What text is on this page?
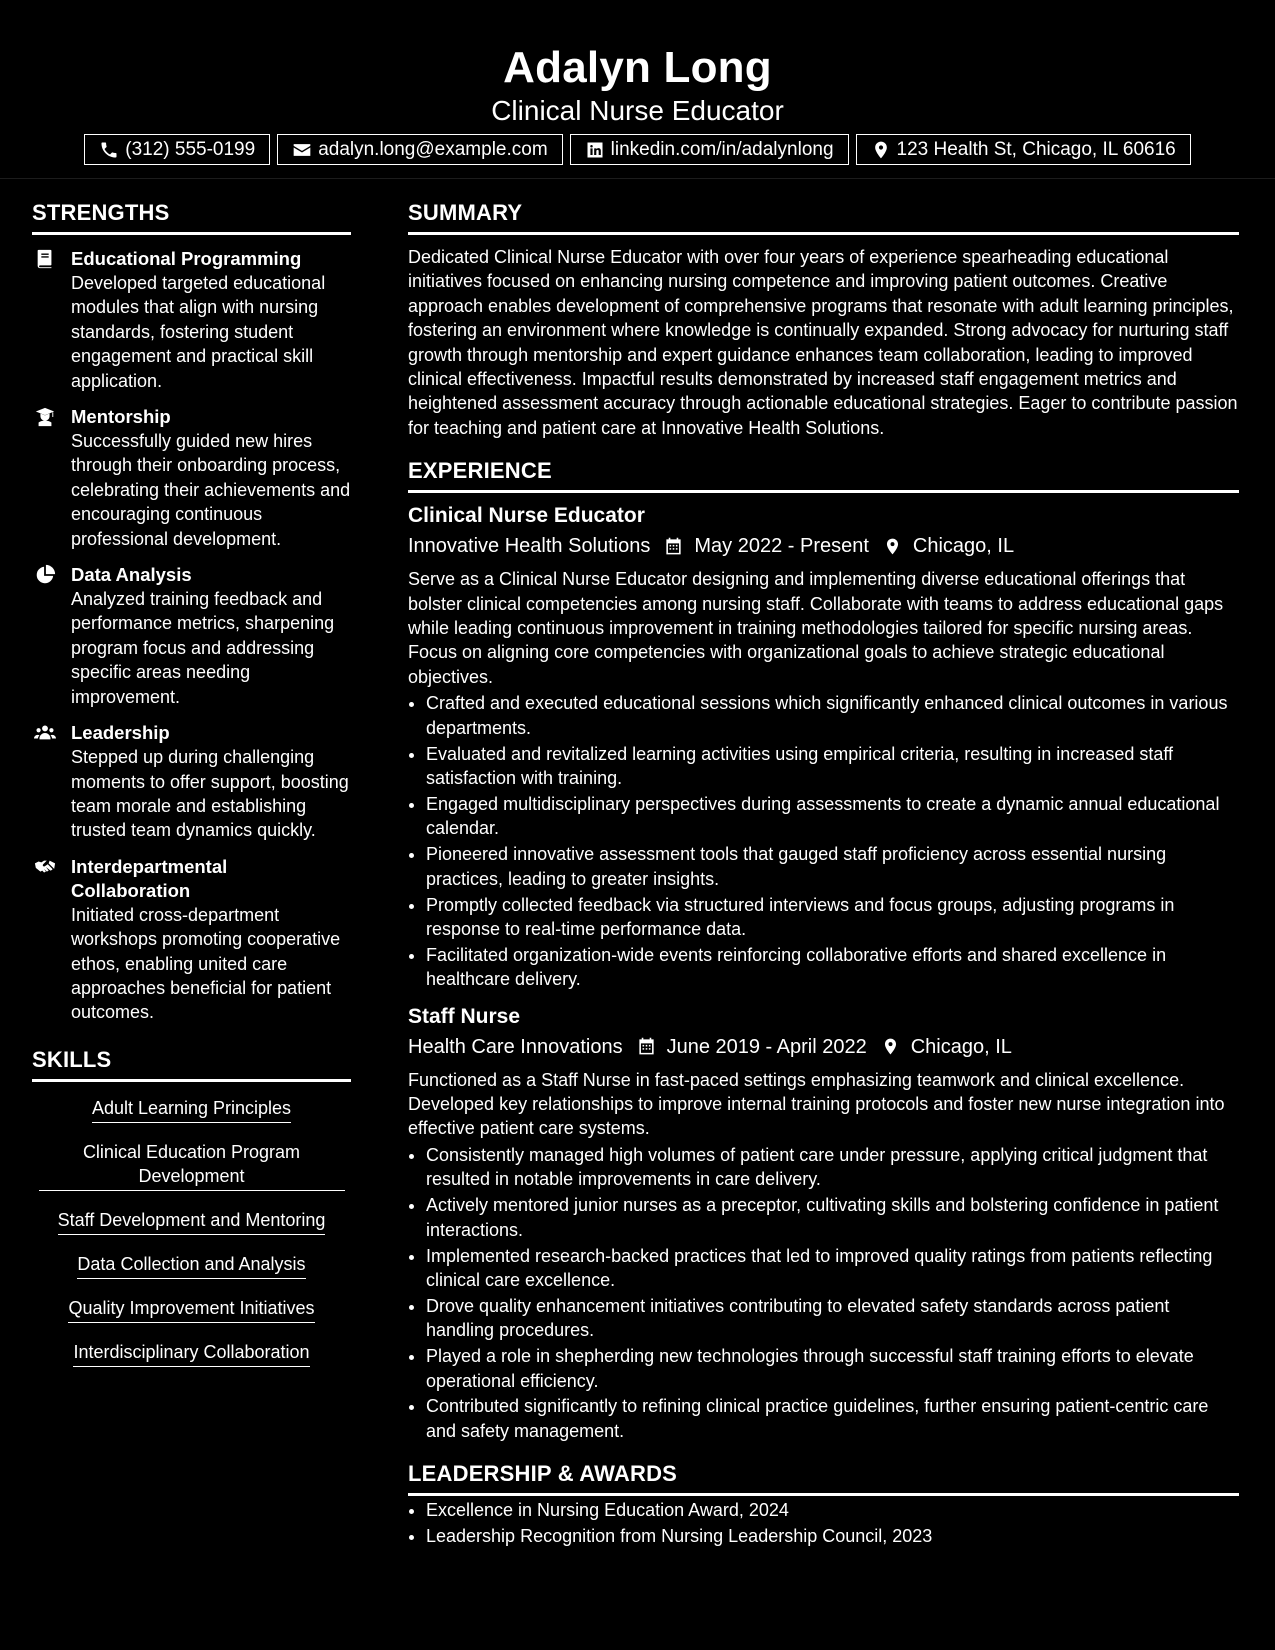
Adalyn Long
Clinical Nurse Educator
(312) 555-0199	adalyn.long@example.com	linkedin.com/in/adalynlong	123 Health St, Chicago, IL 60616
STRENGTHS
Educational Programming
Developed targeted educational modules that align with nursing standards, fostering student engagement and practical skill application.
Mentorship
Successfully guided new hires through their onboarding process, celebrating their achievements and encouraging continuous professional development.
Data Analysis
Analyzed training feedback and performance metrics, sharpening program focus and addressing specific areas needing improvement.
Leadership
Stepped up during challenging moments to offer support, boosting team morale and establishing trusted team dynamics quickly.
Interdepartmental Collaboration
Initiated cross-department workshops promoting cooperative ethos, enabling united care approaches beneficial for patient outcomes.
SKILLS
Adult Learning Principles
Clinical Education Program Development
Staff Development and Mentoring
Data Collection and Analysis
Quality Improvement Initiatives
Interdisciplinary Collaboration
SUMMARY
Dedicated Clinical Nurse Educator with over four years of experience spearheading educational initiatives focused on enhancing nursing competence and improving patient outcomes. Creative approach enables development of comprehensive programs that resonate with adult learning principles, fostering an environment where knowledge is continually expanded. Strong advocacy for nurturing staff growth through mentorship and expert guidance enhances team collaboration, leading to improved clinical effectiveness. Impactful results demonstrated by increased staff engagement metrics and heightened assessment accuracy through actionable educational strategies. Eager to contribute passion for teaching and patient care at Innovative Health Solutions.
EXPERIENCE
Clinical Nurse Educator
Innovative Health Solutions May 2022 - Present Chicago, IL
Serve as a Clinical Nurse Educator designing and implementing diverse educational offerings that bolster clinical competencies among nursing staff. Collaborate with teams to address educational gaps while leading continuous improvement in training methodologies tailored for specific nursing areas. Focus on aligning core competencies with organizational goals to achieve strategic educational objectives.
• Crafted and executed educational sessions which significantly enhanced clinical outcomes in various departments.
• Evaluated and revitalized learning activities using empirical criteria, resulting in increased staff satisfaction with training.
• Engaged multidisciplinary perspectives during assessments to create a dynamic annual educational calendar.
• Pioneered innovative assessment tools that gauged staff proficiency across essential nursing practices, leading to greater insights.
• Promptly collected feedback via structured interviews and focus groups, adjusting programs in response to real-time performance data.
• Facilitated organization-wide events reinforcing collaborative efforts and shared excellence in healthcare delivery.
Staff Nurse
Health Care Innovations June 2019 - April 2022 Chicago, IL
Functioned as a Staff Nurse in fast-paced settings emphasizing teamwork and clinical excellence. Developed key relationships to improve internal training protocols and foster new nurse integration into effective patient care systems.
• Consistently managed high volumes of patient care under pressure, applying critical judgment that resulted in notable improvements in care delivery.
• Actively mentored junior nurses as a preceptor, cultivating skills and bolstering confidence in patient interactions.
• Implemented research-backed practices that led to improved quality ratings from patients reflecting clinical care excellence.
• Drove quality enhancement initiatives contributing to elevated safety standards across patient handling procedures.
• Played a role in shepherding new technologies through successful staff training efforts to elevate operational efficiency.
• Contributed significantly to refining clinical practice guidelines, further ensuring patient-centric care and safety management.
LEADERSHIP & AWARDS
• Excellence in Nursing Education Award, 2024
• Leadership Recognition from Nursing Leadership Council, 2023
